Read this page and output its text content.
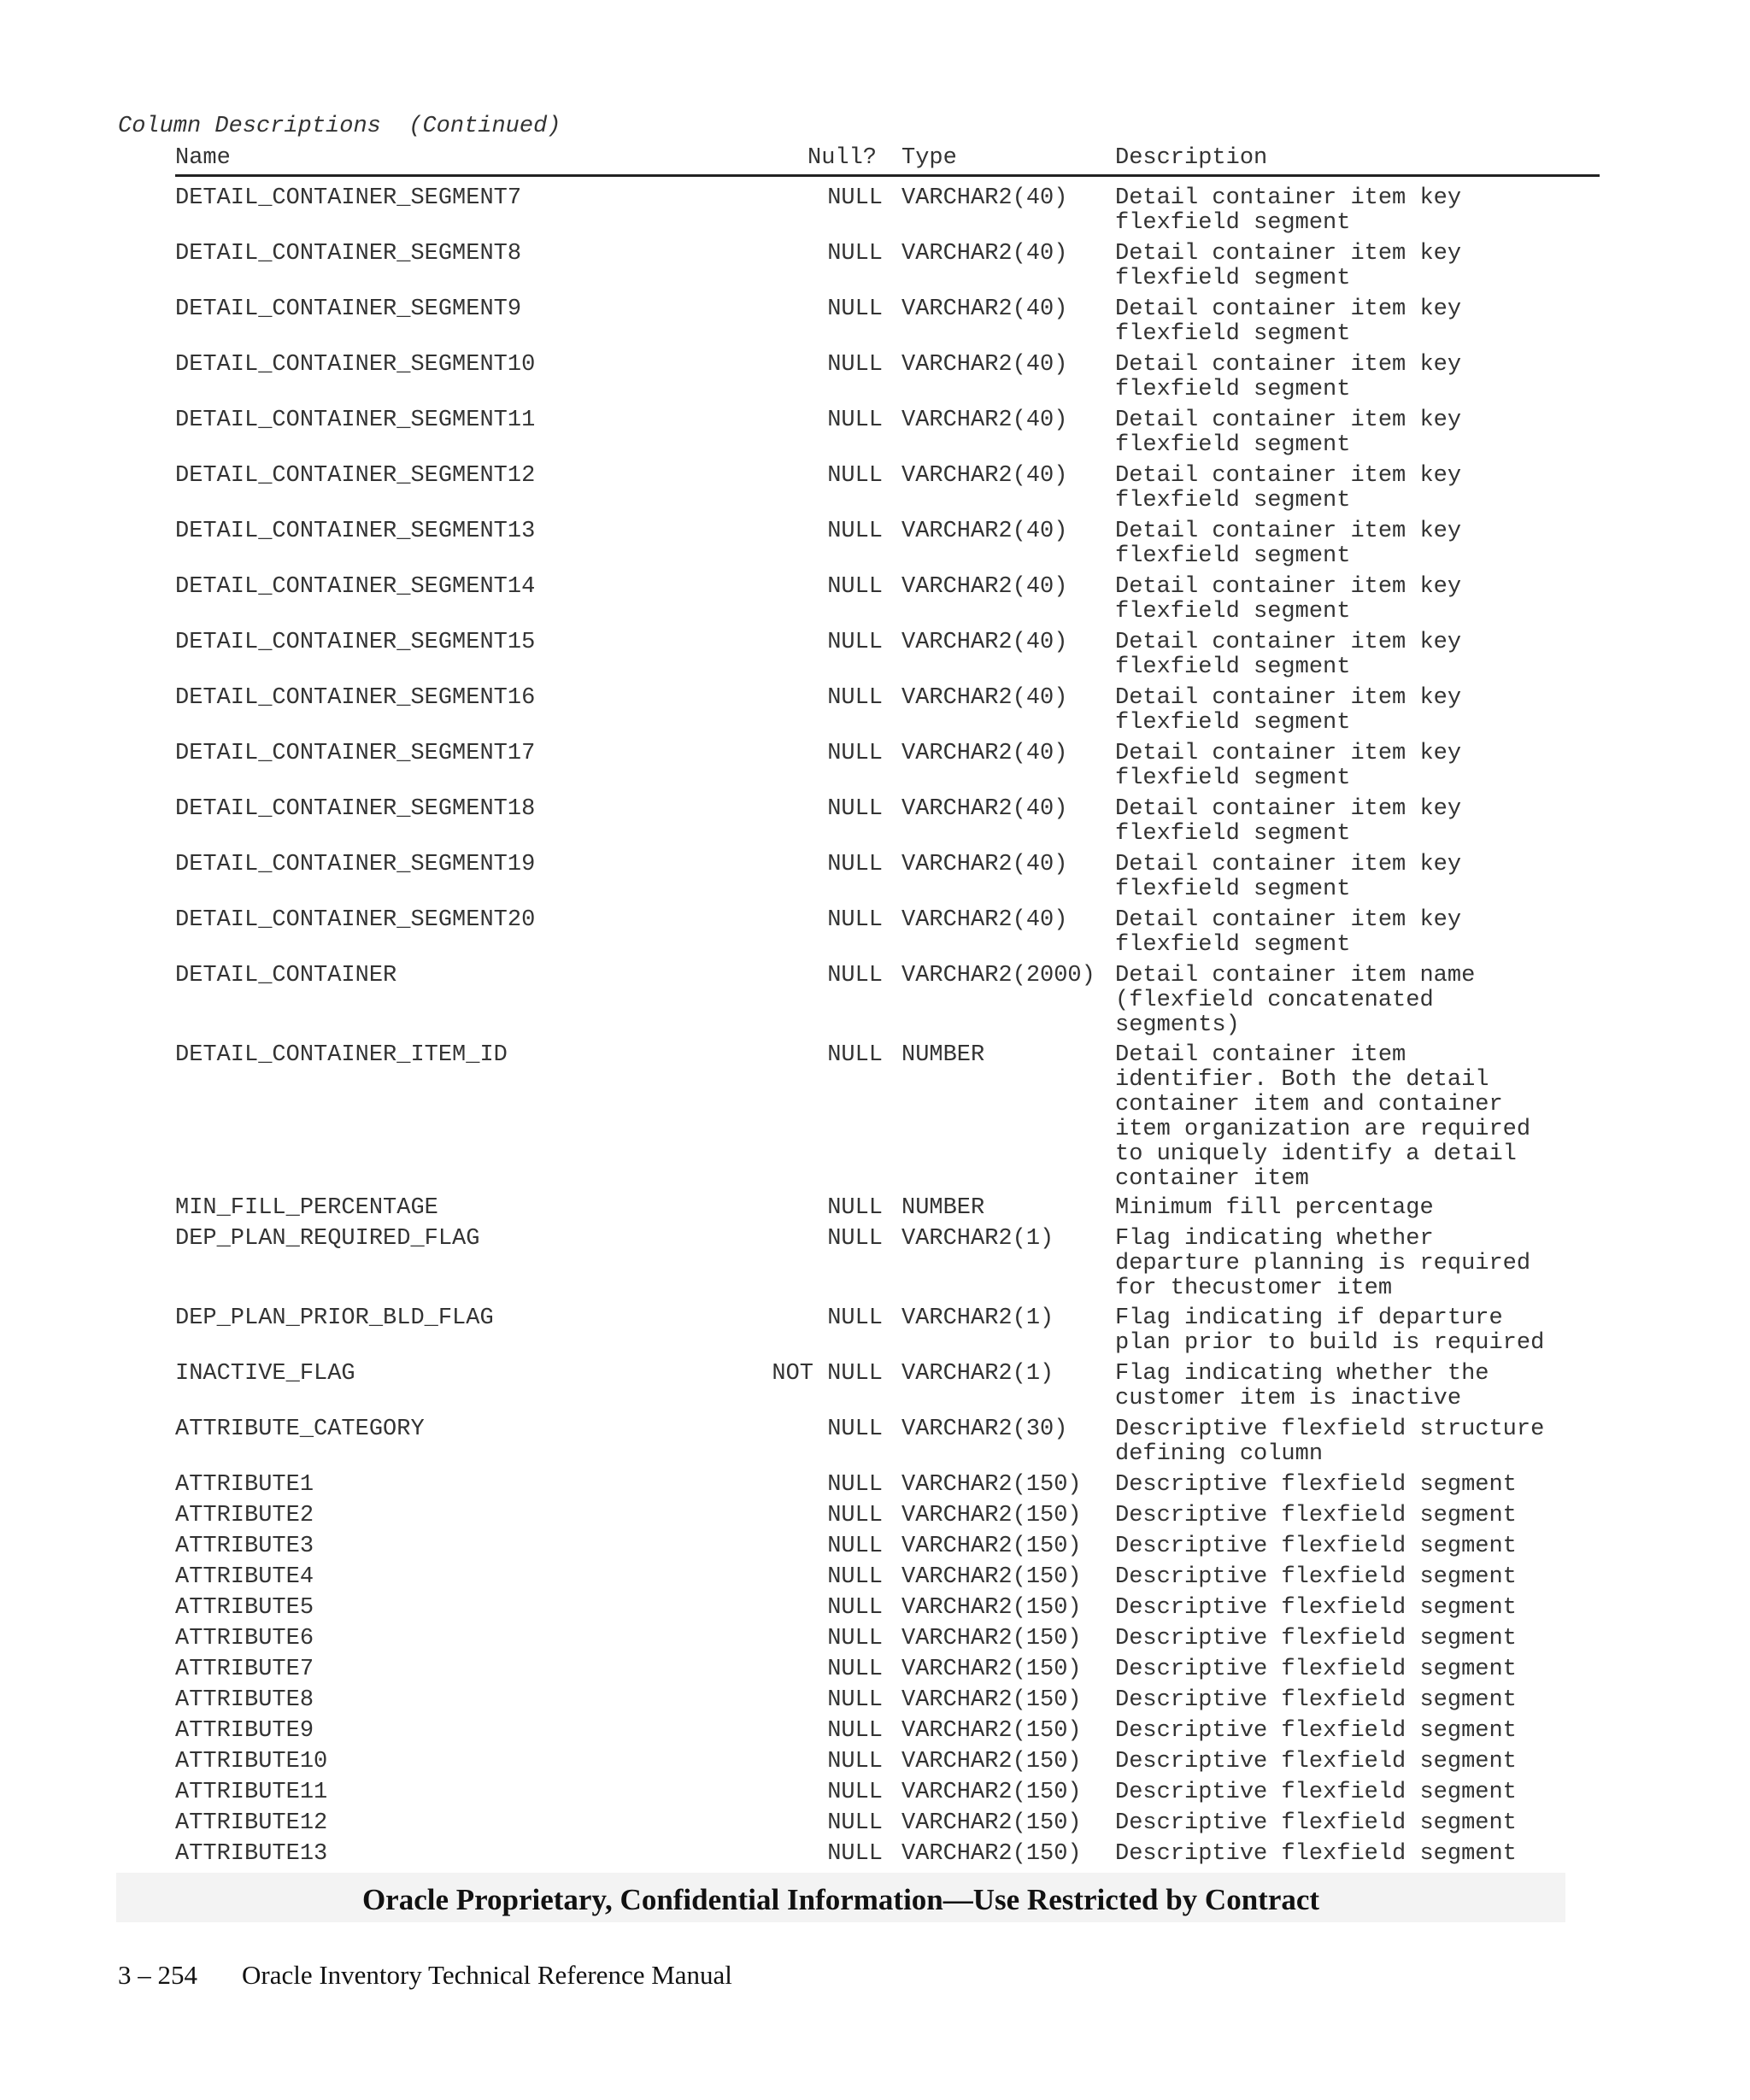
Column Descriptions  (Continued)
Name	Null? Type	Description
DETAIL_CONTAINER_SEGMENT7	NULL VARCHAR2(40) Detail container item key
flexfield segment
DETAIL_CONTAINER_SEGMENT8	NULL VARCHAR2(40) Detail container item key
flexfield segment
DETAIL_CONTAINER_SEGMENT9	NULL VARCHAR2(40) Detail container item key
flexfield segment
DETAIL_CONTAINER_SEGMENT10	NULL VARCHAR2(40) Detail container item key
flexfield segment
DETAIL_CONTAINER_SEGMENT11	NULL VARCHAR2(40) Detail container item key
flexfield segment
DETAIL_CONTAINER_SEGMENT12	NULL VARCHAR2(40) Detail container item key
flexfield segment
DETAIL_CONTAINER_SEGMENT13	NULL VARCHAR2(40) Detail container item key
flexfield segment
DETAIL_CONTAINER_SEGMENT14	NULL VARCHAR2(40) Detail container item key
flexfield segment
DETAIL_CONTAINER_SEGMENT15	NULL VARCHAR2(40) Detail container item key
flexfield segment
DETAIL_CONTAINER_SEGMENT16	NULL VARCHAR2(40) Detail container item key
flexfield segment
DETAIL_CONTAINER_SEGMENT17	NULL VARCHAR2(40) Detail container item key
flexfield segment
DETAIL_CONTAINER_SEGMENT18	NULL VARCHAR2(40) Detail container item key
flexfield segment
DETAIL_CONTAINER_SEGMENT19	NULL VARCHAR2(40) Detail container item key
flexfield segment
DETAIL_CONTAINER_SEGMENT20	NULL VARCHAR2(40) Detail container item key
flexfield segment
DETAIL_CONTAINER	NULL VARCHAR2(2000) Detail container item name
(flexfield concatenated
segments)
DETAIL_CONTAINER_ITEM_ID	NULL NUMBER	Detail container item
identifier. Both the detail
container item and container
item organization are required
to uniquely identify a detail
container item
MIN_FILL_PERCENTAGE	NULL NUMBER	Minimum fill percentage
DEP_PLAN_REQUIRED_FLAG	NULL VARCHAR2(1)	Flag indicating whether
departure planning is required
for thecustomer item
DEP_PLAN_PRIOR_BLD_FLAG	NULL VARCHAR2(1)	Flag indicating if departure
plan prior to build is required
INACTIVE_FLAG	NOT NULL VARCHAR2(1)	Flag indicating whether the
customer item is inactive
ATTRIBUTE_CATEGORY	NULL VARCHAR2(30) Descriptive flexfield structure
defining column
ATTRIBUTE1	NULL VARCHAR2(150) Descriptive flexfield segment
ATTRIBUTE2	NULL VARCHAR2(150) Descriptive flexfield segment
ATTRIBUTE3	NULL VARCHAR2(150) Descriptive flexfield segment
ATTRIBUTE4	NULL VARCHAR2(150) Descriptive flexfield segment
ATTRIBUTE5	NULL VARCHAR2(150) Descriptive flexfield segment
ATTRIBUTE6	NULL VARCHAR2(150) Descriptive flexfield segment
ATTRIBUTE7	NULL VARCHAR2(150) Descriptive flexfield segment
ATTRIBUTE8	NULL VARCHAR2(150) Descriptive flexfield segment
ATTRIBUTE9	NULL VARCHAR2(150) Descriptive flexfield segment
ATTRIBUTE10	NULL VARCHAR2(150) Descriptive flexfield segment
ATTRIBUTE11	NULL VARCHAR2(150) Descriptive flexfield segment
ATTRIBUTE12	NULL VARCHAR2(150) Descriptive flexfield segment
ATTRIBUTE13	NULL VARCHAR2(150) Descriptive flexfield segment
Oracle Proprietary, Confidential Information––Use Restricted by Contract
3 – 254 Oracle Inventory Technical Reference Manual
